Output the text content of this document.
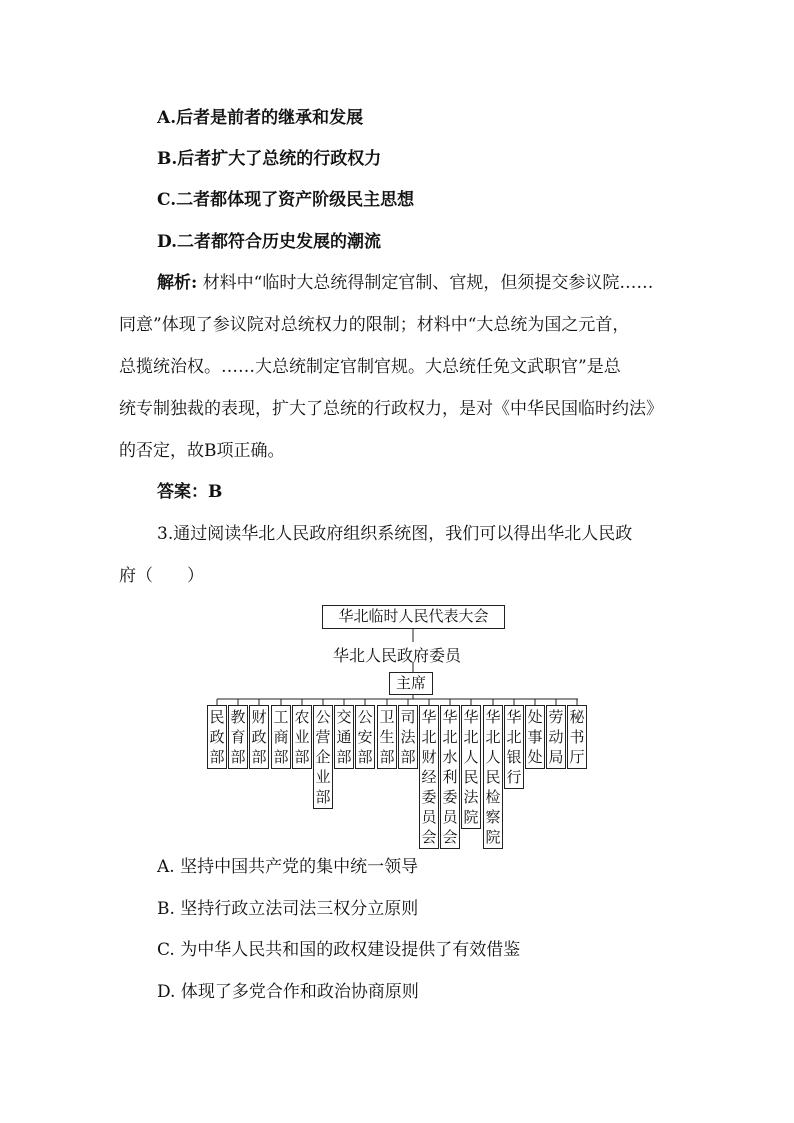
A.后者是前者的继承和发展
B.后者扩大了总统的行政权力
C.二者都体现了资产阶级民主思想
D.二者都符合历史发展的潮流
解析: 材料中“临时大总统得制定官制、官规，但须提交参议院……
同意”体现了参议院对总统权力的限制；材料中“大总统为国之元首，
总揽统治权。……大总统制定官制官规。大总统任免文武职官”是总
统专制独裁的表现，扩大了总统的行政权力，是对《中华民国临时约法》
的否定，故B项正确。
答案：B
3.通过阅读华北人民政府组织系统图，我们可以得出华北人民政
府（　　）
华北临时人民代表大会
华北人民政府委员
主席
民政部
教育部
财政部
工商部
农业部
公营企业部
交通部
公安部
卫生部
司法部
华北财经委员会
华北水利委员会
华北人民法院
华北人民检察院
华北银行
处事处
劳动局
秘书厅
A. 坚持中国共产党的集中统一领导
B. 坚持行政立法司法三权分立原则
C. 为中华人民共和国的政权建设提供了有效借鉴
D. 体现了多党合作和政治协商原则
